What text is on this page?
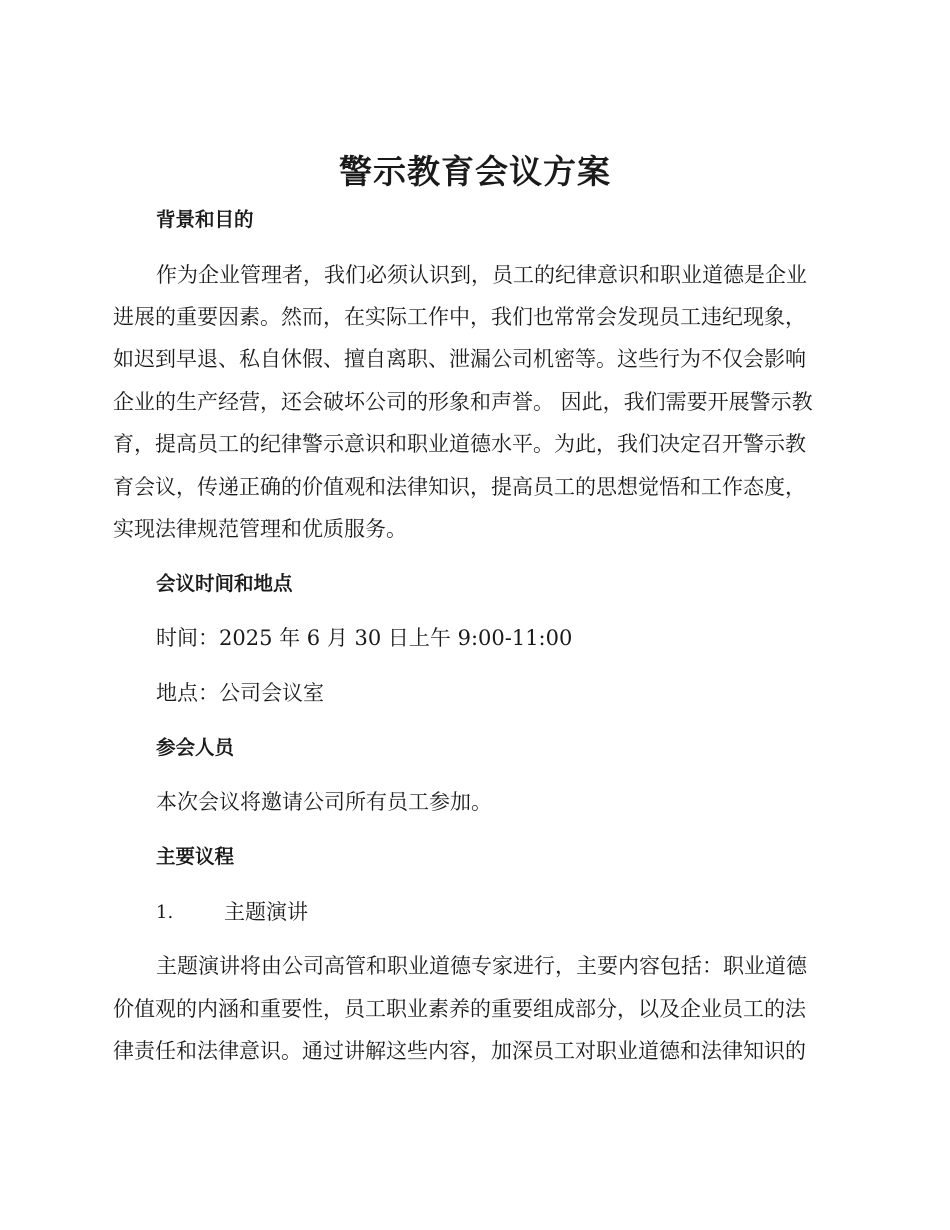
警示教育会议方案
背景和目的

作为企业管理者，我们必须认识到，员工的纪律意识和职业道德是企业

进展的重要因素。然而，在实际工作中，我们也常常会发现员工违纪现象，

如迟到早退、私自休假、擅自离职、泄漏公司机密等。这些行为不仅会影响

企业的生产经营，还会破坏公司的形象和声誉。 因此，我们需要开展警示教

育，提高员工的纪律警示意识和职业道德水平。为此，我们决定召开警示教

育会议，传递正确的价值观和法律知识，提高员工的思想觉悟和工作态度，

实现法律规范管理和优质服务。

会议时间和地点

时间：2025 年 6 月 30 日上午 9:00-11:00

地点：公司会议室

参会人员

本次会议将邀请公司所有员工参加。

主要议程
1. 主题演讲

主题演讲将由公司高管和职业道德专家进行，主要内容包括：职业道德

价值观的内涵和重要性，员工职业素养的重要组成部分，以及企业员工的法

律责任和法律意识。通过讲解这些内容，加深员工对职业道德和法律知识的
